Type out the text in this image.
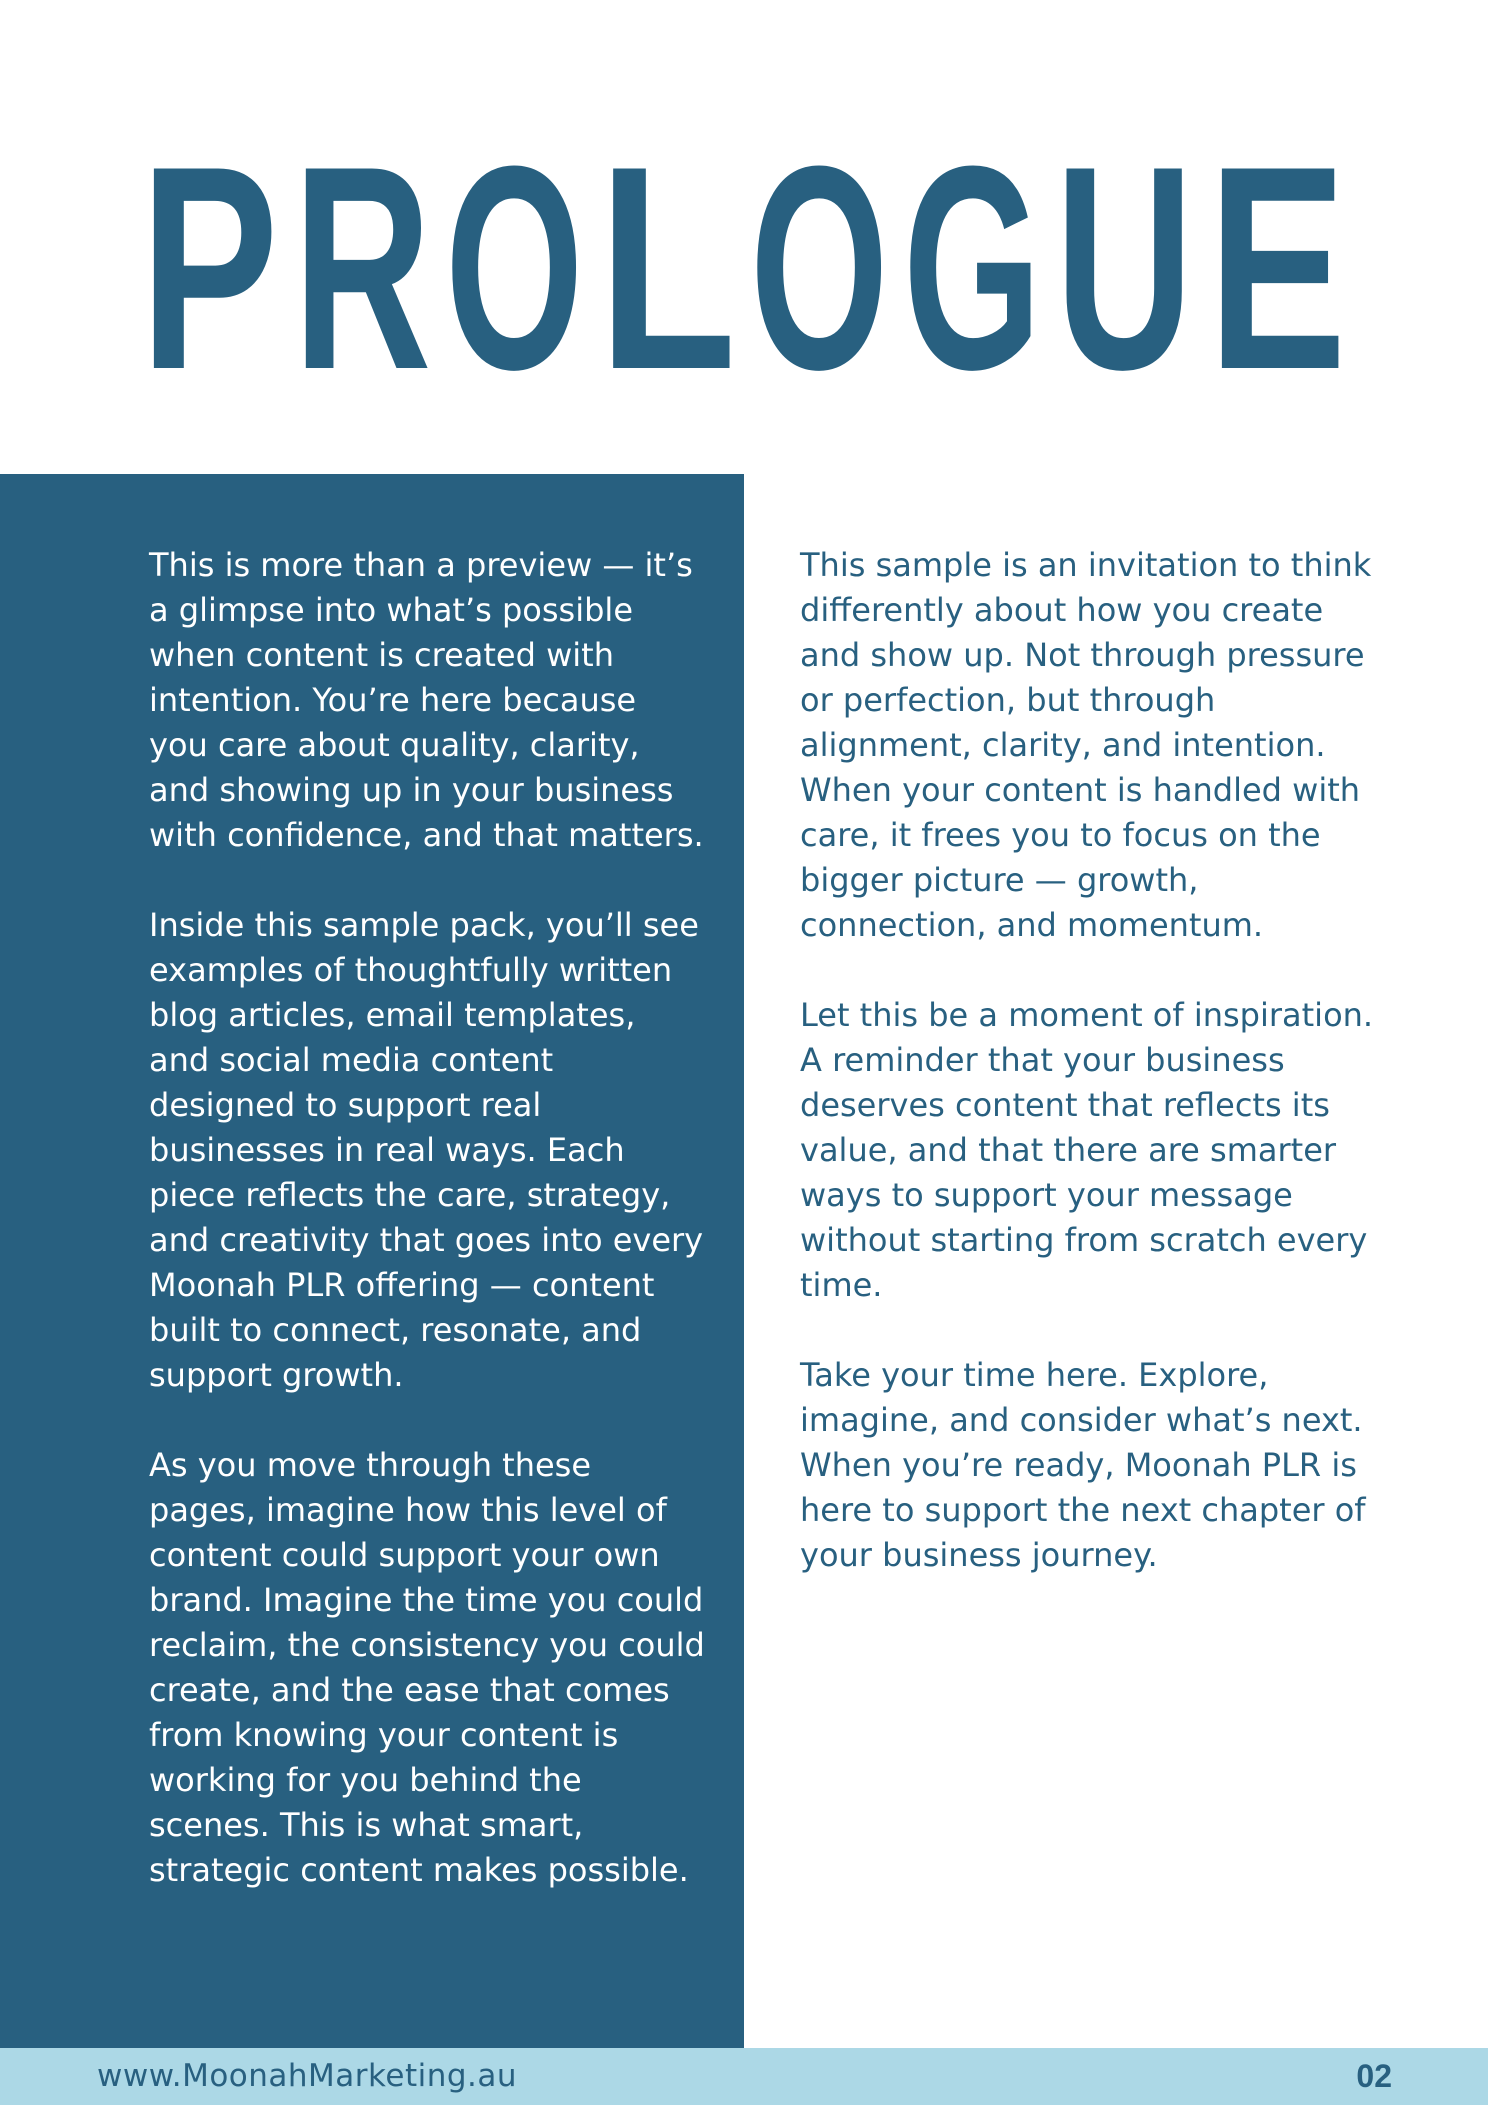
P R O L O G U E

This is more than a preview — it’s a glimpse into what’s possible when content is created with intention. You’re here because you care about quality, clarity, and showing up in your business with confidence, and that matters.

Inside this sample pack, you’ll see examples of thoughtfully written blog articles, email templates, and social media content designed to support real businesses in real ways. Each piece reflects the care, strategy, and creativity that goes into every Moonah PLR offering — content built to connect, resonate, and support growth.

As you move through these pages, imagine how this level of content could support your own brand. Imagine the time you could reclaim, the consistency you could create, and the ease that comes from knowing your content is working for you behind the scenes. This is what smart, strategic content makes possible.

This sample is an invitation to think differently about how you create and show up. Not through pressure or perfection, but through alignment, clarity, and intention. When your content is handled with care, it frees you to focus on the bigger picture — growth, connection, and momentum.

Let this be a moment of inspiration. A reminder that your business deserves content that reflects its value, and that there are smarter ways to support your message without starting from scratch every time.

Take your time here. Explore, imagine, and consider what’s next. When you’re ready, Moonah PLR is here to support the next chapter of your business journey.

www.MoonahMarketing.au	02
